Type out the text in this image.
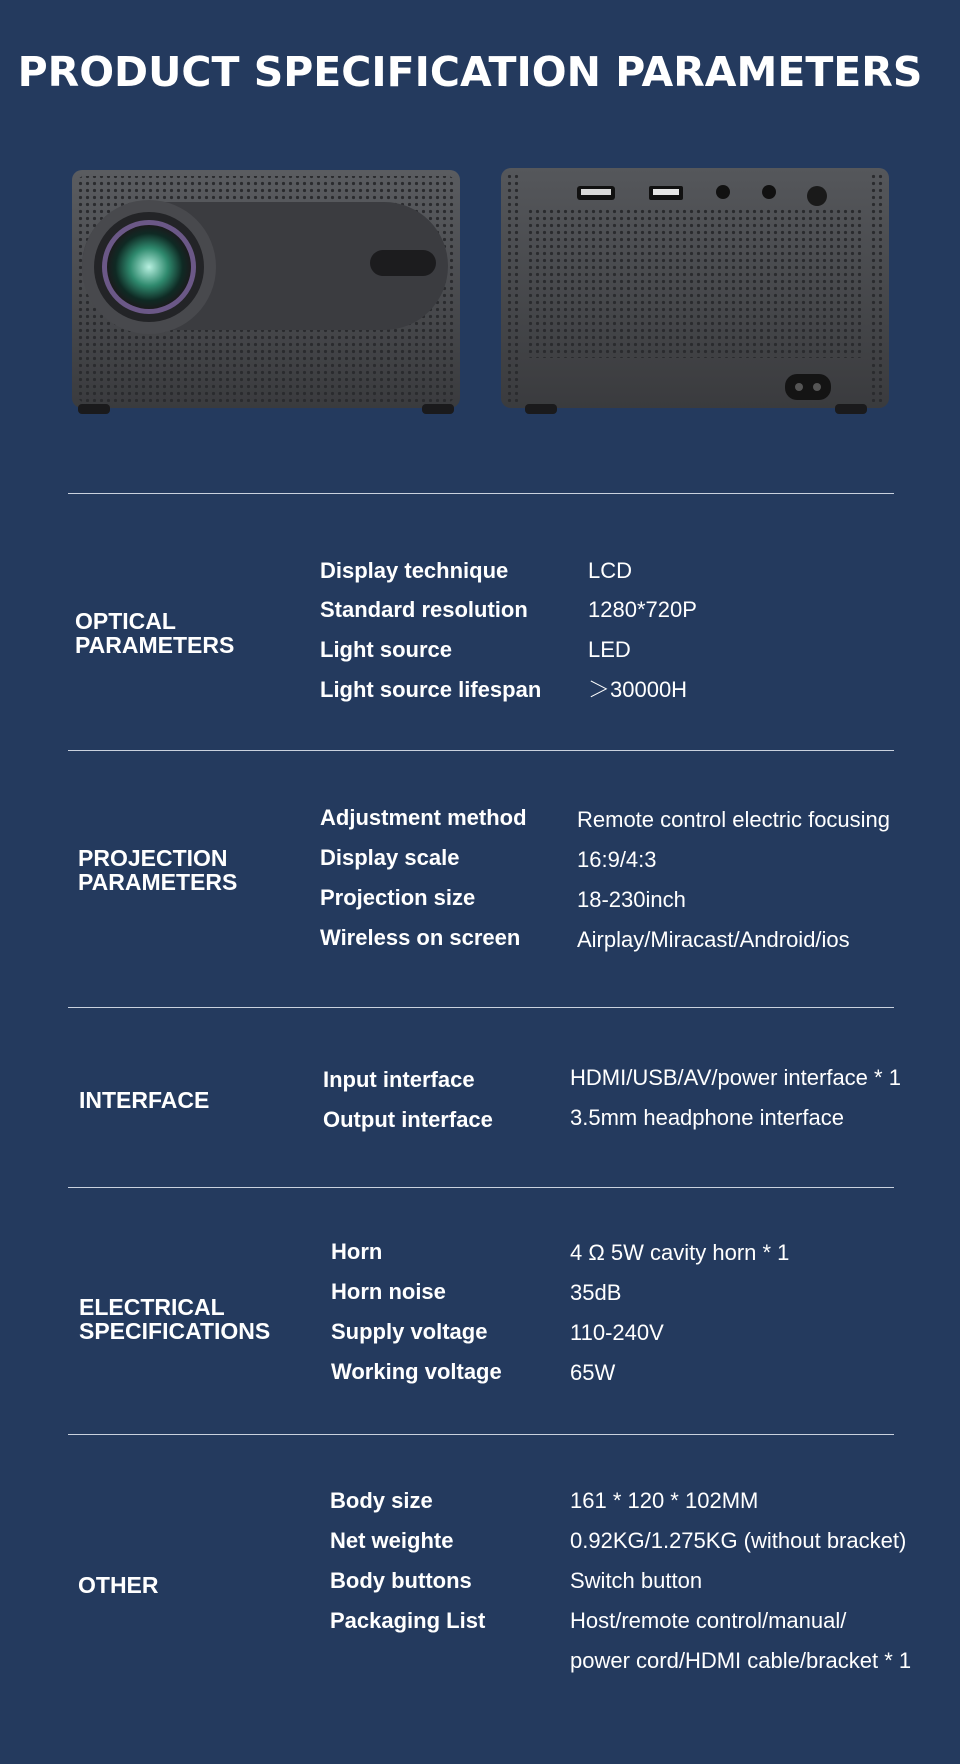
PRODUCT SPECIFICATION PARAMETERS
OPTICAL
PARAMETERS
Display technique	LCD
Standard resolution	1280*720P
Light source	LED
Light source lifespan ＞30000H
PROJECTION
PARAMETERS
Adjustment method Remote control electric focusing
Display scale	16:9/4:3
Projection size	18-230inch
Wireless on screen	Airplay/Miracast/Android/ios
INTERFACE
Input interface	HDMI/USB/AV/power interface * 1
Output interface	3.5mm headphone interface
ELECTRICAL
SPECIFICATIONS
Horn	4 Ω 5W cavity horn * 1
Horn noise	35dB
Supply voltage	110-240V
Working voltage	65W
OTHER
Body size	161 * 120 * 102MM
Net weighte	0.92KG/1.275KG (without bracket)
Body buttons	Switch button
Packaging List	Host/remote control/manual/
power cord/HDMI cable/bracket * 1
